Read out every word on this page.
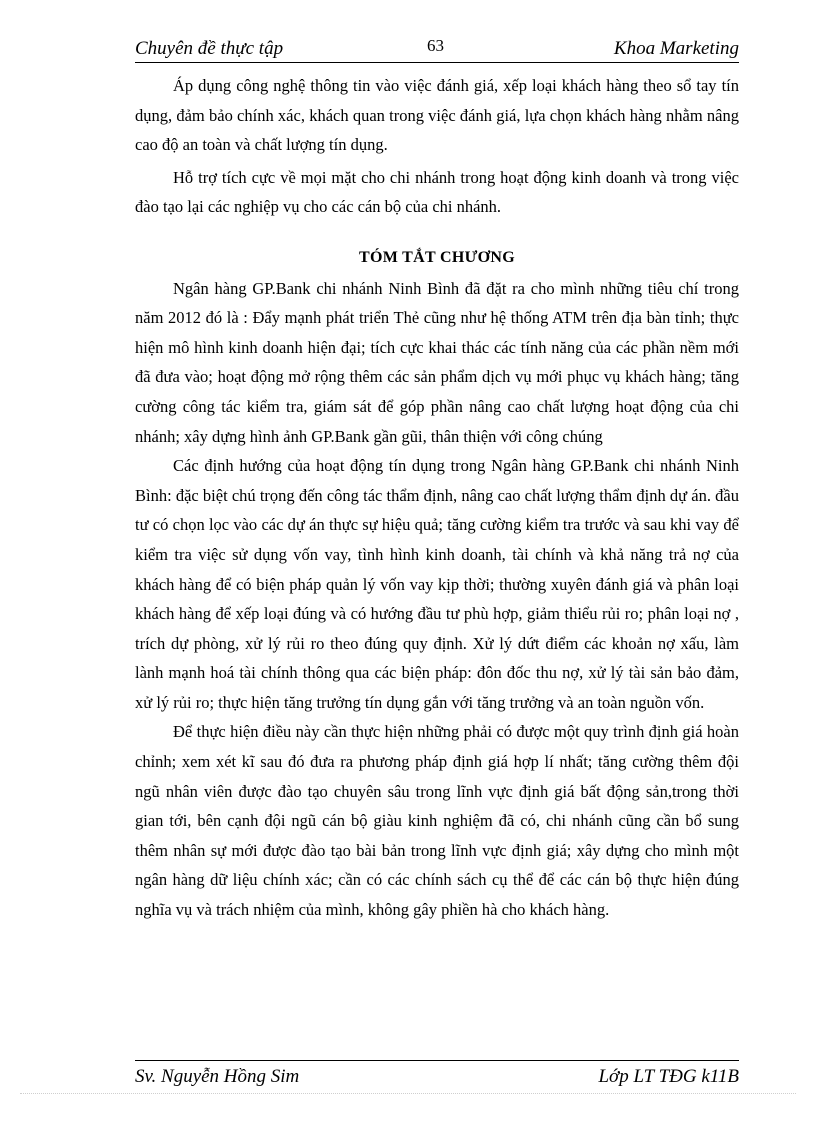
Chuyên đề thực tập	63	Khoa Marketing

Áp dụng công nghệ thông tin vào việc đánh giá, xếp loại khách hàng theo sổ tay tín dụng, đảm bảo chính xác, khách quan trong việc đánh giá, lựa chọn khách hàng nhằm nâng cao độ an toàn và chất lượng tín dụng.

Hỗ trợ tích cực về mọi mặt cho chi nhánh trong hoạt động kinh doanh và trong việc đào tạo lại các nghiệp vụ cho các cán bộ của chi nhánh.

TÓM TẮT CHƯƠNG

Ngân hàng GP.Bank chi nhánh Ninh Bình đã đặt ra cho mình những tiêu chí trong năm 2012 đó là : Đẩy mạnh phát triển Thẻ cũng như hệ thống ATM trên địa bàn tỉnh; thực hiện mô hình kinh doanh hiện đại; tích cực khai thác các tính năng của các phần nềm mới đã đưa vào; hoạt động mở rộng thêm các sản phẩm dịch vụ mới phục vụ khách hàng; tăng cường công tác kiểm tra, giám sát để góp phần nâng cao chất lượng hoạt động của chi nhánh; xây dựng hình ảnh GP.Bank gần gũi, thân thiện với công chúng

Các định hướng của hoạt động tín dụng trong Ngân hàng GP.Bank chi nhánh Ninh Bình: đặc biệt chú trọng đến công tác thẩm định, nâng cao chất lượng thẩm định dự án. đầu tư có chọn lọc vào các dự án thực sự hiệu quả; tăng cường kiểm tra trước và sau khi vay để kiểm tra việc sử dụng vốn vay, tình hình kinh doanh, tài chính và khả năng trả nợ của khách hàng để có biện pháp quản lý vốn vay kịp thời; thường xuyên đánh giá và phân loại khách hàng để xếp loại đúng và có hướng đầu tư phù hợp, giảm thiểu rủi ro; phân loại nợ , trích dự phòng, xử lý rủi ro theo đúng quy định. Xử lý dứt điểm các khoản nợ xấu, làm lành mạnh hoá tài chính thông qua các biện pháp: đôn đốc thu nợ, xử lý tài sản bảo đảm, xử lý rủi ro; thực hiện tăng trưởng tín dụng gắn với tăng trưởng và an toàn nguồn vốn.

Để thực hiện điều này cần thực hiện những phải có được một quy trình định giá hoàn chỉnh; xem xét kĩ sau đó đưa ra phương pháp định giá hợp lí nhất; tăng cường thêm đội ngũ nhân viên được đào tạo chuyên sâu trong lĩnh vực định giá bất động sản,trong thời gian tới, bên cạnh đội ngũ cán bộ giàu kinh nghiệm đã có, chi nhánh cũng cần bổ sung thêm nhân sự mới được đào tạo bài bản trong lĩnh vực định giá; xây dựng cho mình một ngân hàng dữ liệu chính xác; cần có các chính sách cụ thể để các cán bộ thực hiện đúng nghĩa vụ và trách nhiệm của mình, không gây phiền hà cho khách hàng.

Sv. Nguyễn Hồng Sim	Lớp LT TĐG k11B
